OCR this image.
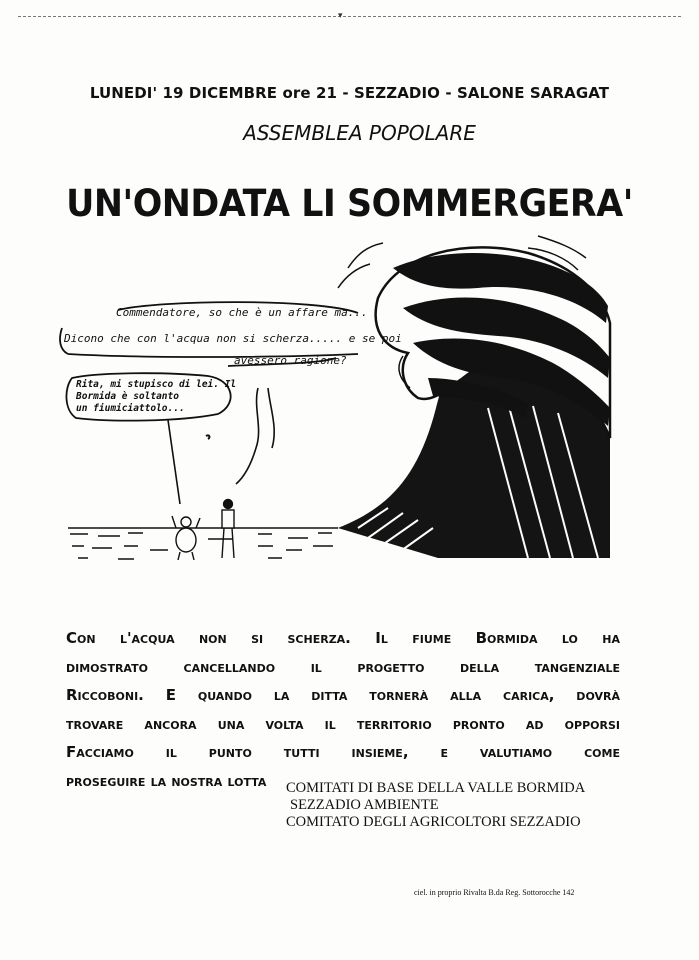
▾
LUNEDI' 19 DICEMBRE ore 21 - SEZZADIO - SALONE SARAGAT
ASSEMBLEA POPOLARE
UN'ONDATA LI SOMMERGERA'
Commendatore, so che è un affare ma...
Dicono che con l'acqua non si scherza..... e se poi
avessero ragione?
Rita, mi stupisco di lei. Il
Bormida è soltanto
un fiumiciattolo...
Con l'acqua non si scherza. Il fiume Bormida lo ha
dimostrato cancellando il progetto della tangenziale
Riccoboni. E quando la ditta tornerà alla carica, dovrà
trovare ancora una volta il territorio pronto ad opporsi
Facciamo il punto tutti insieme, e valutiamo come
proseguire la nostra lotta	COMITATI DI BASE DELLA VALLE BORMIDA
SEZZADIO AMBIENTE
COMITATO DEGLI AGRICOLTORI SEZZADIO
ciel. in proprio Rivalta B.da Reg. Sottorocche 142
